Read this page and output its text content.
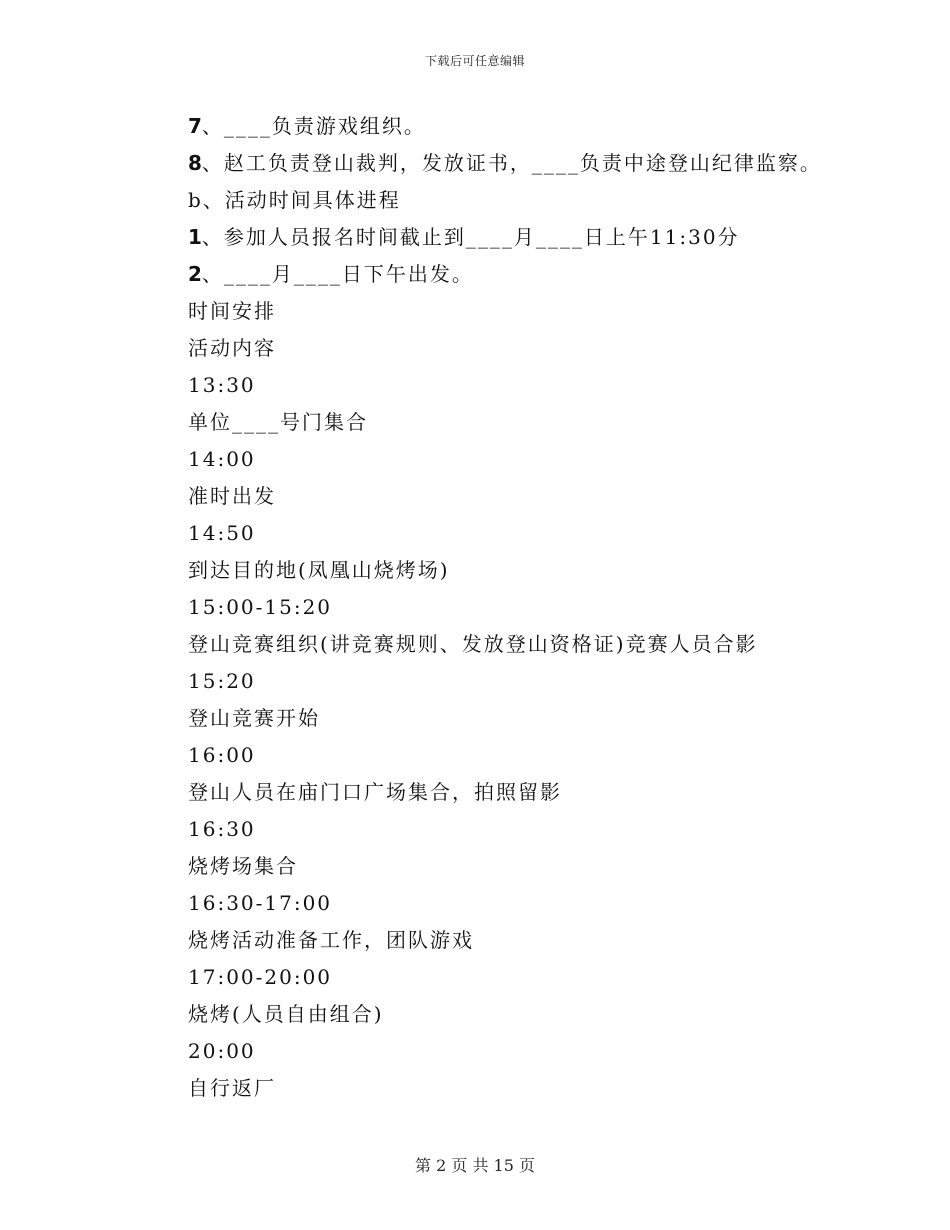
下载后可任意编辑
7、____负责游戏组织。
8、赵工负责登山裁判，发放证书，____负责中途登山纪律监察。
b、活动时间具体进程
1、参加人员报名时间截止到____月____日上午11:30分
2、____月____日下午出发。
时间安排
活动内容
13:30
单位____号门集合
14:00
准时出发
14:50
到达目的地(凤凰山烧烤场)
15:00-15:20
登山竞赛组织(讲竞赛规则、发放登山资格证)竞赛人员合影
15:20
登山竞赛开始
16:00
登山人员在庙门口广场集合，拍照留影
16:30
烧烤场集合
16:30-17:00
烧烤活动准备工作，团队游戏
17:00-20:00
烧烤(人员自由组合)
20:00
自行返厂
第 2 页 共 15 页
